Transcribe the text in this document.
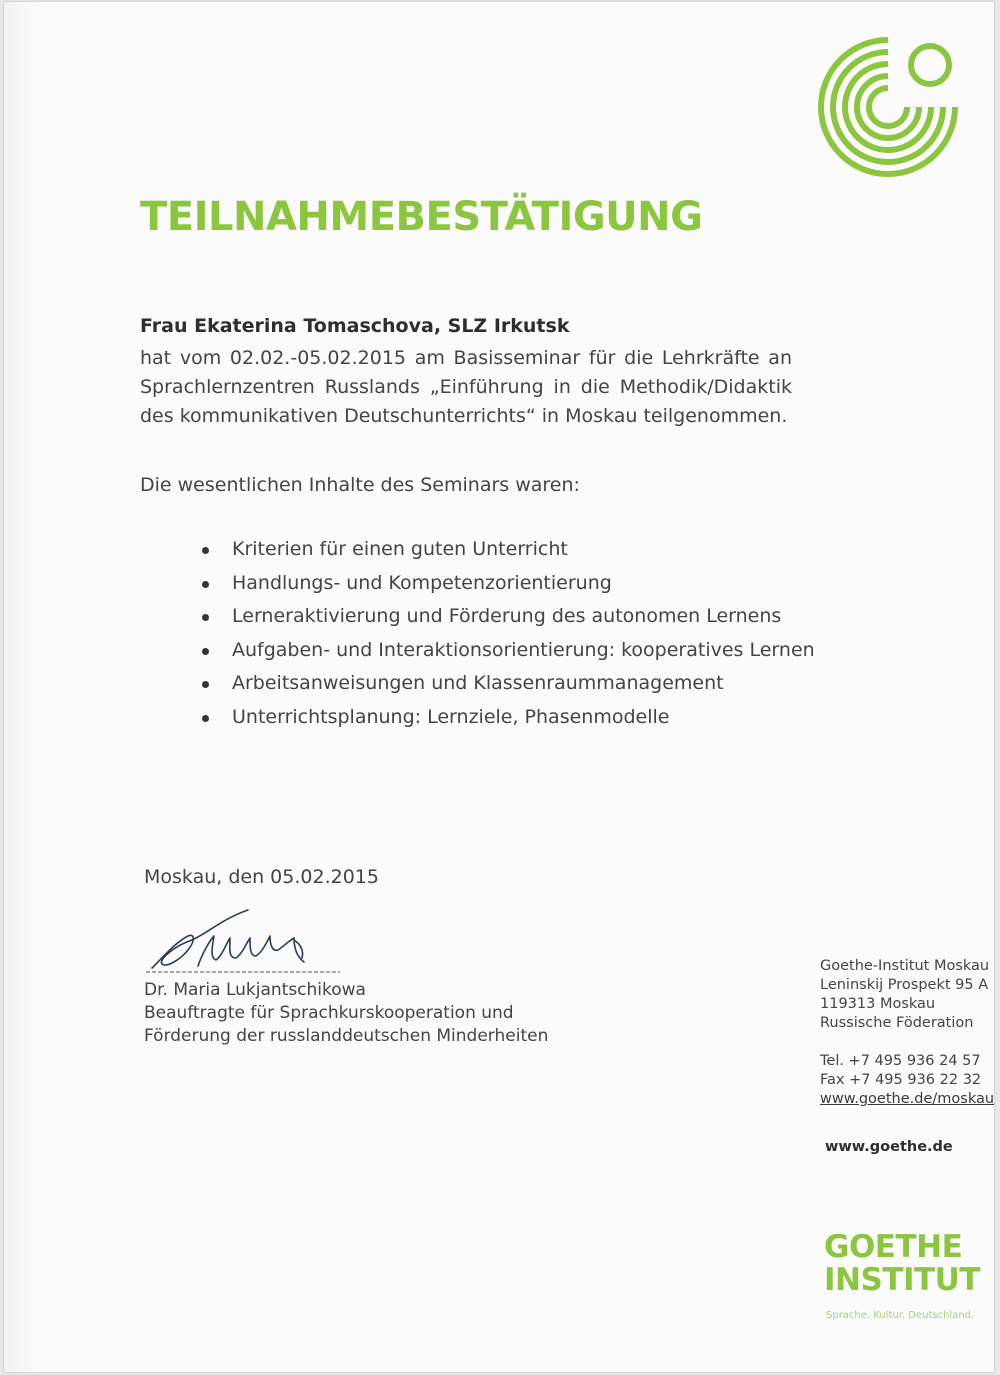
TEILNAHMEBESTÄTIGUNG
Frau Ekaterina Tomaschova, SLZ Irkutsk

hat vom 02.02.-05.02.2015 am Basisseminar für die Lehrkräfte an Sprachlernzentren Russlands „Einführung in die Methodik/Didaktik des kommunikativen Deutschunterrichts“ in Moskau teilgenommen.

Die wesentlichen Inhalte des Seminars waren:
Kriterien für einen guten Unterricht
Handlungs- und Kompetenzorientierung
Lerneraktivierung und Förderung des autonomen Lernens
Aufgaben- und Interaktionsorientierung: kooperatives Lernen
Arbeitsanweisungen und Klassenraummanagement
Unterrichtsplanung: Lernziele, Phasenmodelle
Moskau, den 05.02.2015
Dr. Maria Lukjantschikowa
Beauftragte für Sprachkurskooperation und
Förderung der russlanddeutschen Minderheiten
Goethe-Institut Moskau
Leninskij Prospekt 95 A
119313 Moskau
Russische Föderation
Tel. +7 495 936 24 57
Fax +7 495 936 22 32
www.goethe.de/moskau
www.goethe.de
GOETHE
INSTITUT
Sprache. Kultur. Deutschland.
